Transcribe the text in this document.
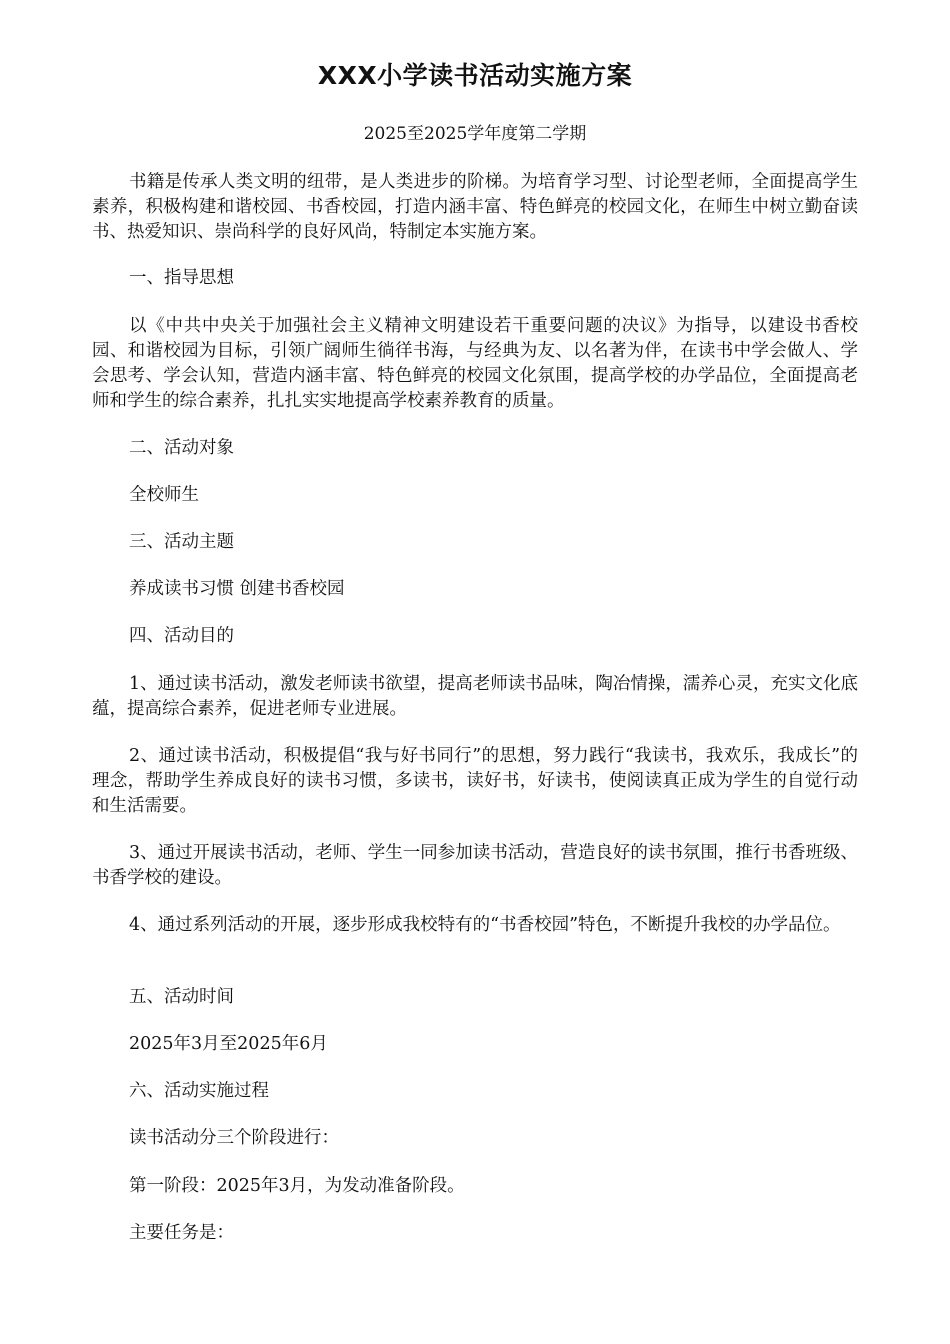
XXX小学读书活动实施方案
2025至2025学年度第二学期

书籍是传承人类文明的纽带，是人类进步的阶梯。为培育学习型、讨论型老师，全面提高学生素养，积极构建和谐校园、书香校园，打造内涵丰富、特色鲜亮的校园文化，在师生中树立勤奋读书、热爱知识、崇尚科学的良好风尚，特制定本实施方案。

一、指导思想

以《中共中央关于加强社会主义精神文明建设若干重要问题的决议》为指导，以建设书香校园、和谐校园为目标，引领广阔师生徜徉书海，与经典为友、以名著为伴，在读书中学会做人、学会思考、学会认知，营造内涵丰富、特色鲜亮的校园文化氛围，提高学校的办学品位，全面提高老师和学生的综合素养，扎扎实实地提高学校素养教育的质量。

二、活动对象

全校师生

三、活动主题

养成读书习惯 创建书香校园

四、活动目的

1、通过读书活动，激发老师读书欲望，提高老师读书品味，陶冶情操，濡养心灵，充实文化底蕴，提高综合素养，促进老师专业进展。

2、通过读书活动，积极提倡“我与好书同行”的思想，努力践行“我读书，我欢乐，我成长”的理念，帮助学生养成良好的读书习惯，多读书，读好书，好读书，使阅读真正成为学生的自觉行动和生活需要。

3、通过开展读书活动，老师、学生一同参加读书活动，营造良好的读书氛围，推行书香班级、书香学校的建设。

4、通过系列活动的开展，逐步形成我校特有的“书香校园”特色，不断提升我校的办学品位。

五、活动时间

2025年3月至2025年6月

六、活动实施过程

读书活动分三个阶段进行：

第一阶段：2025年3月，为发动准备阶段。

主要任务是：
